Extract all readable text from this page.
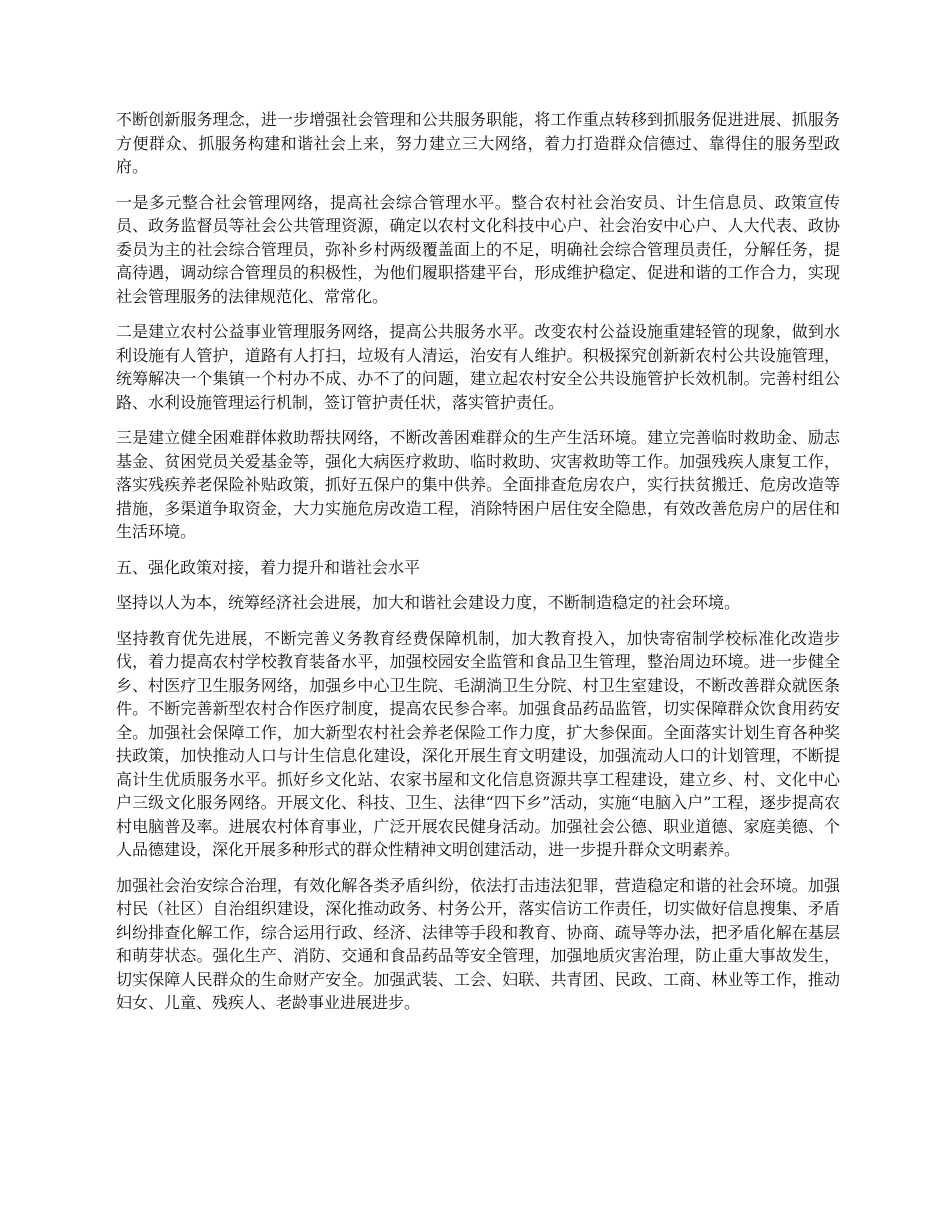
不断创新服务理念，进一步增强社会管理和公共服务职能，将工作重点转移到抓服务促进进展、抓服务方便群众、抓服务构建和谐社会上来，努力建立三大网络，着力打造群众信德过、靠得住的服务型政府。

一是多元整合社会管理网络，提高社会综合管理水平。整合农村社会治安员、计生信息员、政策宣传员、政务监督员等社会公共管理资源，确定以农村文化科技中心户、社会治安中心户、人大代表、政协委员为主的社会综合管理员，弥补乡村两级覆盖面上的不足，明确社会综合管理员责任，分解任务，提高待遇，调动综合管理员的积极性，为他们履职搭建平台，形成维护稳定、促进和谐的工作合力，实现社会管理服务的法律规范化、常常化。

二是建立农村公益事业管理服务网络，提高公共服务水平。改变农村公益设施重建轻管的现象，做到水利设施有人管护，道路有人打扫，垃圾有人清运，治安有人维护。积极探究创新新农村公共设施管理，统筹解决一个集镇一个村办不成、办不了的问题，建立起农村安全公共设施管护长效机制。完善村组公路、水利设施管理运行机制，签订管护责任状，落实管护责任。

三是建立健全困难群体救助帮扶网络，不断改善困难群众的生产生活环境。建立完善临时救助金、励志基金、贫困党员关爱基金等，强化大病医疗救助、临时救助、灾害救助等工作。加强残疾人康复工作，落实残疾养老保险补贴政策，抓好五保户的集中供养。全面排查危房农户，实行扶贫搬迁、危房改造等措施，多渠道争取资金，大力实施危房改造工程，消除特困户居住安全隐患，有效改善危房户的居住和生活环境。

五、强化政策对接，着力提升和谐社会水平

坚持以人为本，统筹经济社会进展，加大和谐社会建设力度，不断制造稳定的社会环境。

坚持教育优先进展，不断完善义务教育经费保障机制，加大教育投入，加快寄宿制学校标准化改造步伐，着力提高农村学校教育装备水平，加强校园安全监管和食品卫生管理，整治周边环境。进一步健全乡、村医疗卫生服务网络，加强乡中心卫生院、毛湖淌卫生分院、村卫生室建设，不断改善群众就医条件。不断完善新型农村合作医疗制度，提高农民参合率。加强食品药品监管，切实保障群众饮食用药安全。加强社会保障工作，加大新型农村社会养老保险工作力度，扩大参保面。全面落实计划生育各种奖扶政策，加快推动人口与计生信息化建设，深化开展生育文明建设，加强流动人口的计划管理，不断提高计生优质服务水平。抓好乡文化站、农家书屋和文化信息资源共享工程建设，建立乡、村、文化中心户三级文化服务网络。开展文化、科技、卫生、法律“四下乡”活动，实施“电脑入户”工程，逐步提高农村电脑普及率。进展农村体育事业，广泛开展农民健身活动。加强社会公德、职业道德、家庭美德、个人品德建设，深化开展多种形式的群众性精神文明创建活动，进一步提升群众文明素养。

加强社会治安综合治理，有效化解各类矛盾纠纷，依法打击违法犯罪，营造稳定和谐的社会环境。加强村民（社区）自治组织建设，深化推动政务、村务公开，落实信访工作责任，切实做好信息搜集、矛盾纠纷排查化解工作，综合运用行政、经济、法律等手段和教育、协商、疏导等办法，把矛盾化解在基层和萌芽状态。强化生产、消防、交通和食品药品等安全管理，加强地质灾害治理，防止重大事故发生，切实保障人民群众的生命财产安全。加强武装、工会、妇联、共青团、民政、工商、林业等工作，推动妇女、儿童、残疾人、老龄事业进展进步。
